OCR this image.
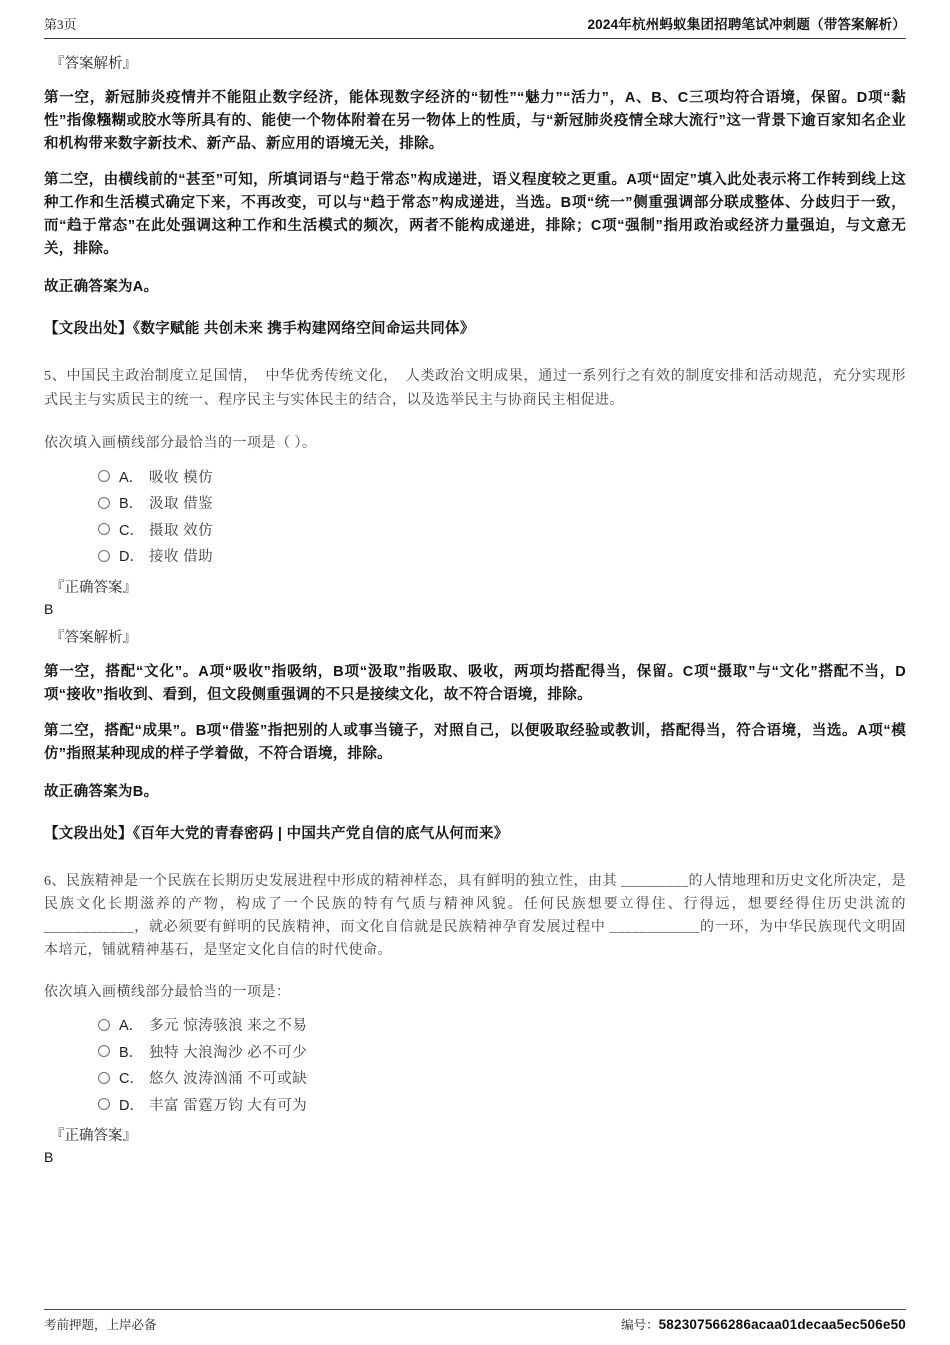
第3页	2024年杭州蚂蚁集团招聘笔试冲刺题（带答案解析）
『答案解析』

第一空，新冠肺炎疫情并不能阻止数字经济，能体现数字经济的“韧性”“魅力”“活力”，A、B、C三项均符合语境，保留。D项“黏性”指像糨糊或胶水等所具有的、能使一个物体附着在另一物体上的性质，与“新冠肺炎疫情全球大流行”这一背景下逾百家知名企业和机构带来数字新技术、新产品、新应用的语境无关，排除。

第二空，由横线前的“甚至”可知，所填词语与“趋于常态”构成递进，语义程度较之更重。A项“固定”填入此处表示将工作转到线上这种工作和生活模式确定下来，不再改变，可以与“趋于常态”构成递进，当选。B项“统一”侧重强调部分联成整体、分歧归于一致，而“趋于常态”在此处强调这种工作和生活模式的频次，两者不能构成递进，排除；C项“强制”指用政治或经济力量强迫，与文意无关，排除。

故正确答案为A。

【文段出处】《数字赋能 共创未来 携手构建网络空间命运共同体》

5、中国民主政治制度立足国情，　中华优秀传统文化，　人类政治文明成果，通过一系列行之有效的制度安排和活动规范，充分实现形式民主与实质民主的统一、程序民主与实体民主的结合，以及选举民主与协商民主相促进。

依次填入画横线部分最恰当的一项是（ ）。

A． 吸收 模仿
B． 汲取 借鉴
C． 摄取 效仿
D． 接收 借助
『正确答案』
B
『答案解析』

第一空，搭配“文化”。A项“吸收”指吸纳，B项“汲取”指吸取、吸收，两项均搭配得当，保留。C项“摄取”与“文化”搭配不当，D项“接收”指收到、看到，但文段侧重强调的不只是接续文化，故不符合语境，排除。

第二空，搭配“成果”。B项“借鉴”指把别的人或事当镜子，对照自己，以便吸取经验或教训，搭配得当，符合语境，当选。A项“模仿”指照某种现成的样子学着做，不符合语境，排除。

故正确答案为B。

【文段出处】《百年大党的青春密码 | 中国共产党自信的底气从何而来》

6、民族精神是一个民族在长期历史发展进程中形成的精神样态，具有鲜明的独立性，由其 _________的人情地理和历史文化所决定，是民族文化长期滋养的产物，构成了一个民族的特有气质与精神风貌。任何民族想要立得住、行得远，想要经得住历史洪流的 ____________，就必须要有鲜明的民族精神，而文化自信就是民族精神孕育发展过程中 ____________的一环，为中华民族现代文明固本培元，铺就精神基石，是坚定文化自信的时代使命。

依次填入画横线部分最恰当的一项是：

A． 多元 惊涛骇浪 来之不易
B． 独特 大浪淘沙 必不可少
C． 悠久 波涛汹涌 不可或缺
D． 丰富 雷霆万钧 大有可为
『正确答案』
B
考前押题，上岸必备	编号：582307566286acaa01decaa5ec506e50
